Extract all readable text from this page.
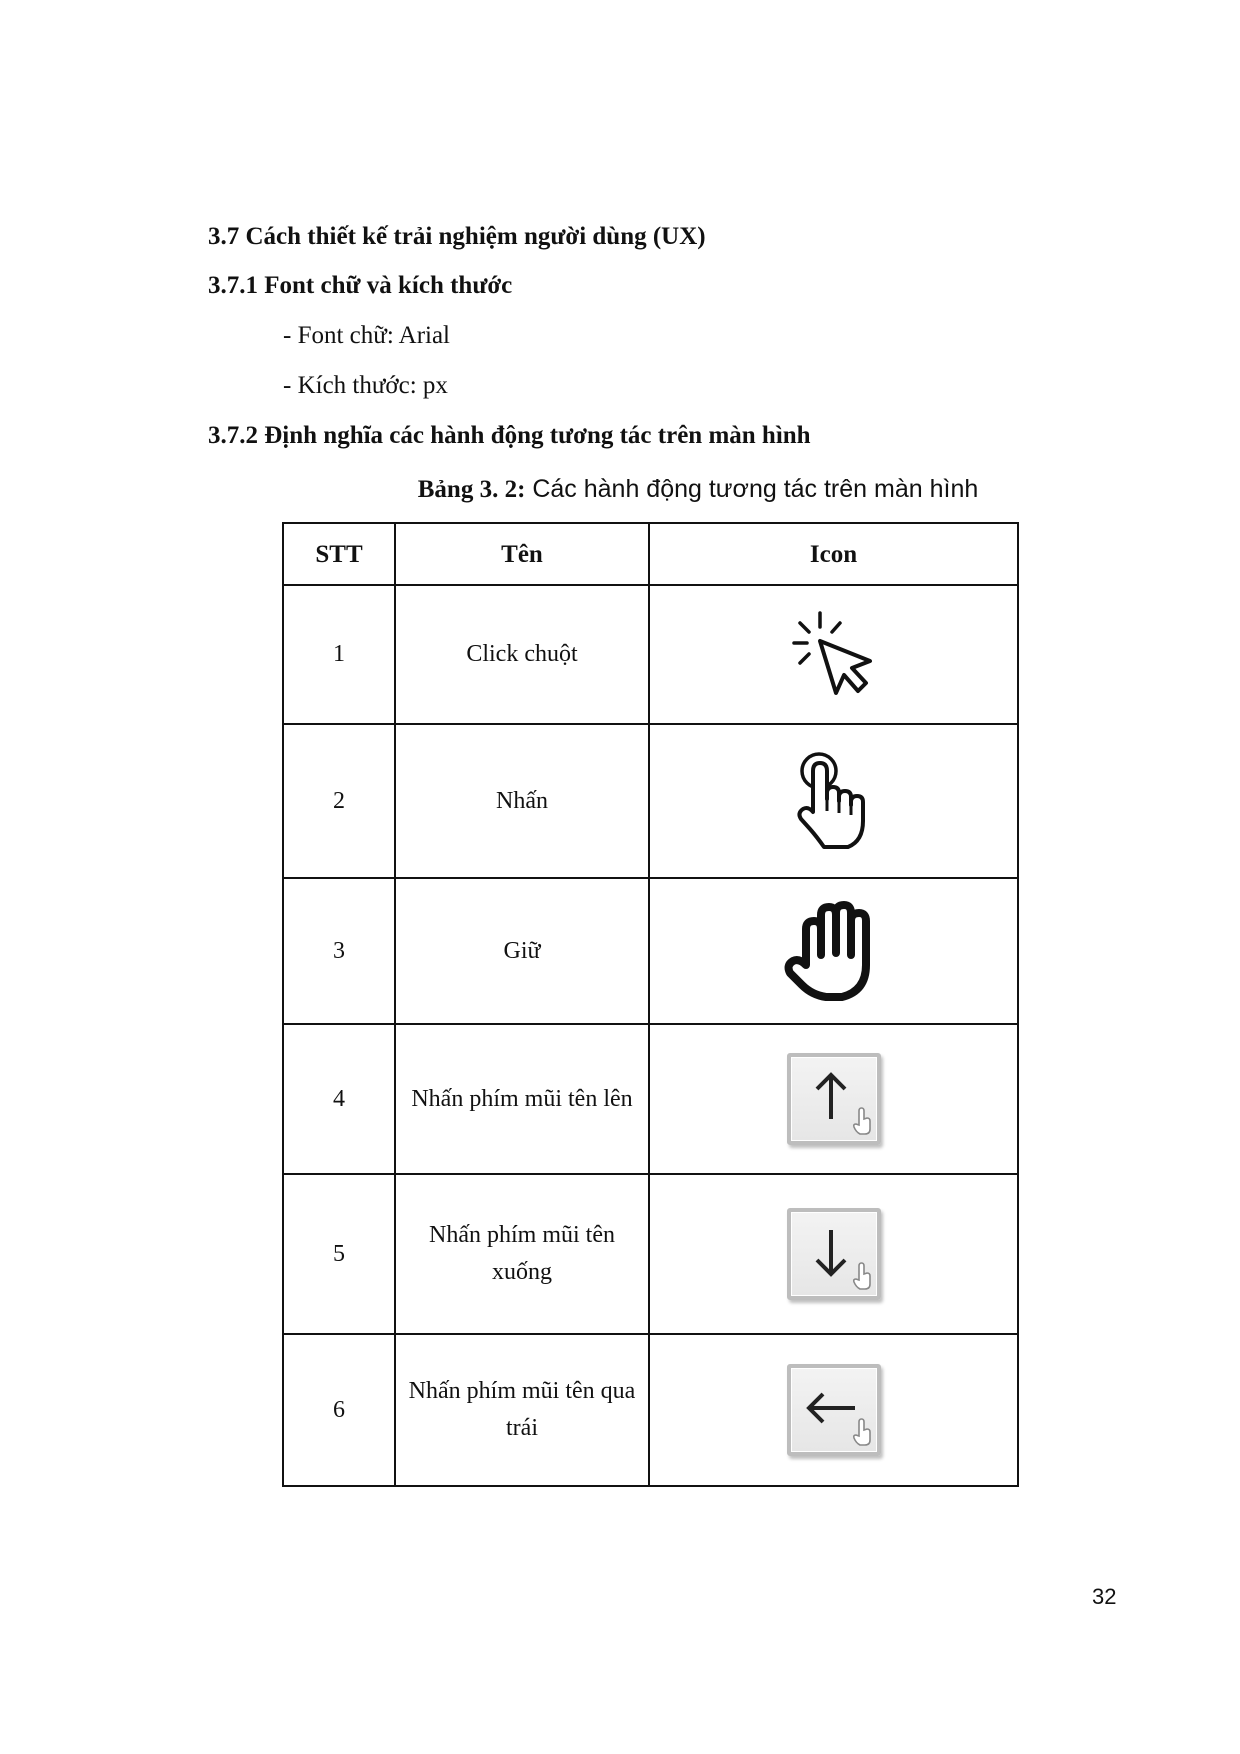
3.7 Cách thiết kế trải nghiệm người dùng (UX)
3.7.1 Font chữ và kích thước
- Font chữ: Arial
- Kích thước: px
3.7.2 Định nghĩa các hành động tương tác trên màn hình
Bảng 3. 2: Các hành động tương tác trên màn hình
STT	Tên	Icon
1	Click chuột	
2	Nhấn	
3	Giữ	
4	Nhấn phím mũi tên lên	

5	Nhấn phím mũi tên xuống	

6	Nhấn phím mũi tên qua trái	
32
